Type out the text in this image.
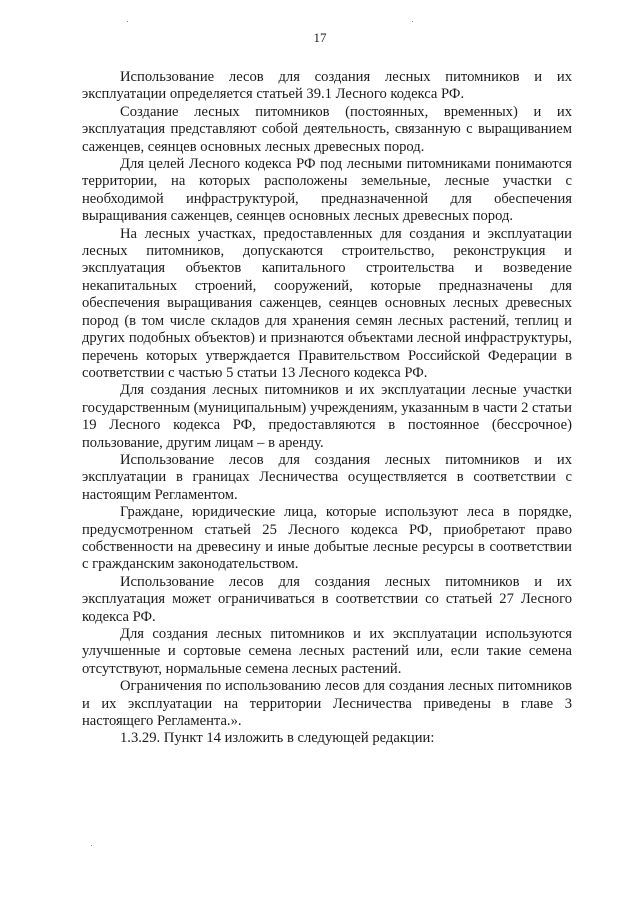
17

Использование лесов для создания лесных питомников и их эксплуатации определяется статьей 39.1 Лесного кодекса РФ.

Создание лесных питомников (постоянных, временных) и их эксплуатация представляют собой деятельность, связанную с выращиванием саженцев, сеянцев основных лесных древесных пород.

Для целей Лесного кодекса РФ под лесными питомниками понимаются территории, на которых расположены земельные, лесные участки с необходимой инфраструктурой, предназначенной для обеспечения выращивания саженцев, сеянцев основных лесных древесных пород.

На лесных участках, предоставленных для создания и эксплуатации лесных питомников, допускаются строительство, реконструкция и эксплуатация объектов капитального строительства и возведение некапитальных строений, сооружений, которые предназначены для обеспечения выращивания саженцев, сеянцев основных лесных древесных пород (в том числе складов для хранения семян лесных растений, теплиц и других подобных объектов) и признаются объектами лесной инфраструктуры, перечень которых утверждается Правительством Российской Федерации в соответствии с частью 5 статьи 13 Лесного кодекса РФ.

Для создания лесных питомников и их эксплуатации лесные участки государственным (муниципальным) учреждениям, указанным в части 2 статьи 19 Лесного кодекса РФ, предоставляются в постоянное (бессрочное) пользование, другим лицам – в аренду.

Использование лесов для создания лесных питомников и их эксплуатации в границах Лесничества осуществляется в соответствии с настоящим Регламентом.

Граждане, юридические лица, которые используют леса в порядке, предусмотренном статьей 25 Лесного кодекса РФ, приобретают право собственности на древесину и иные добытые лесные ресурсы в соответствии с гражданским законодательством.

Использование лесов для создания лесных питомников и их эксплуатация может ограничиваться в соответствии со статьей 27 Лесного кодекса РФ.

Для создания лесных питомников и их эксплуатации используются улучшенные и сортовые семена лесных растений или, если такие семена отсутствуют, нормальные семена лесных растений.

Ограничения по использованию лесов для создания лесных питомников и их эксплуатации на территории Лесничества приведены в главе 3 настоящего Регламента.».

1.3.29. Пункт 14 изложить в следующей редакции:
